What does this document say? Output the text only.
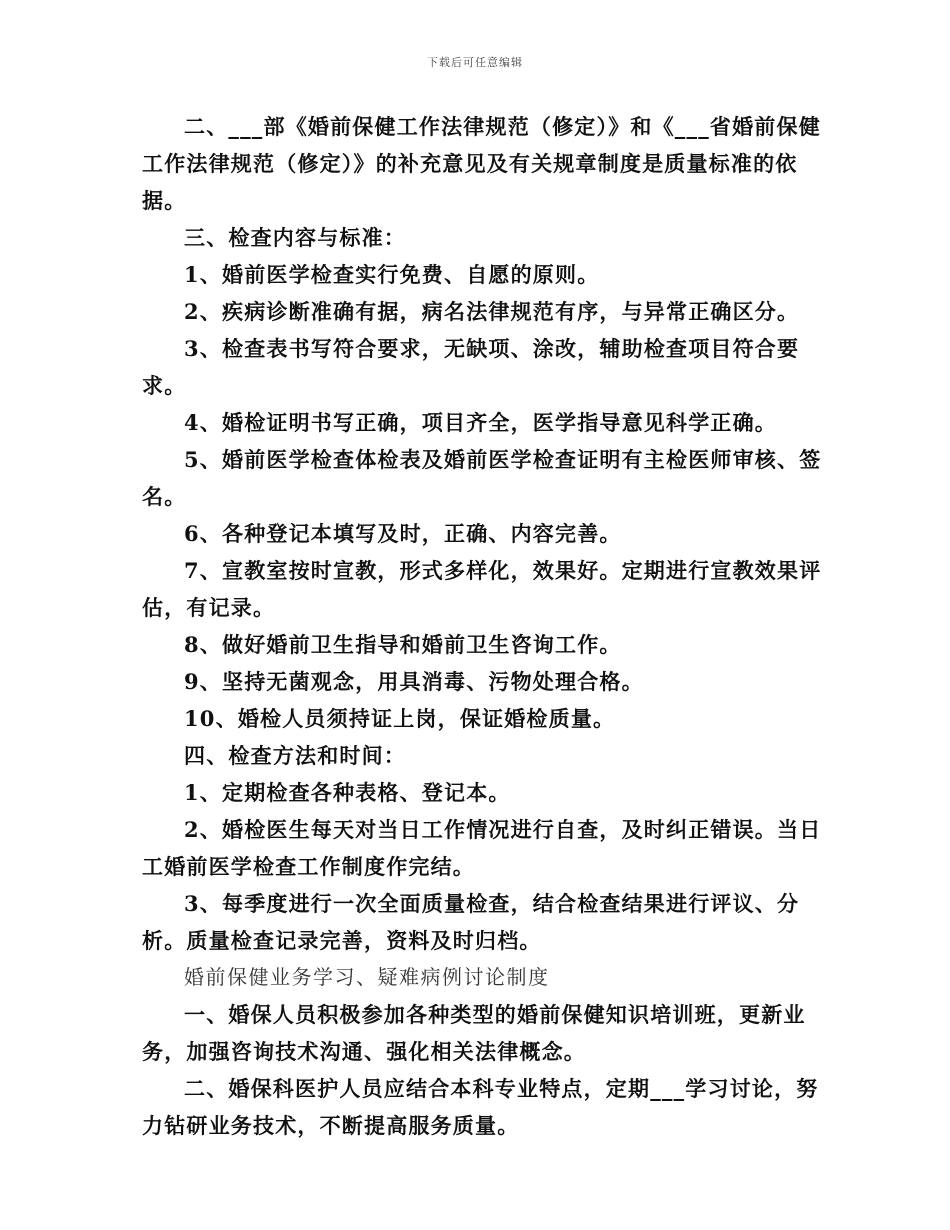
下载后可任意编辑

二、___部《婚前保健工作法律规范（修定）》和《___省婚前保健工作法律规范（修定）》的补充意见及有关规章制度是质量标准的依据。

三、检查内容与标准：

1、婚前医学检查实行免费、自愿的原则。

2、疾病诊断准确有据，病名法律规范有序，与异常正确区分。

3、检查表书写符合要求，无缺项、涂改，辅助检查项目符合要求。

4、婚检证明书写正确，项目齐全，医学指导意见科学正确。

5、婚前医学检查体检表及婚前医学检查证明有主检医师审核、签名。

6、各种登记本填写及时，正确、内容完善。

7、宣教室按时宣教，形式多样化，效果好。定期进行宣教效果评估，有记录。

8、做好婚前卫生指导和婚前卫生咨询工作。

9、坚持无菌观念，用具消毒、污物处理合格。

10、婚检人员须持证上岗，保证婚检质量。

四、检查方法和时间：

1、定期检查各种表格、登记本。

2、婚检医生每天对当日工作情况进行自查，及时纠正错误。当日工婚前医学检查工作制度作完结。

3、每季度进行一次全面质量检查，结合检查结果进行评议、分析。质量检查记录完善，资料及时归档。

婚前保健业务学习、疑难病例讨论制度

一、婚保人员积极参加各种类型的婚前保健知识培训班，更新业务，加强咨询技术沟通、强化相关法律概念。

二、婚保科医护人员应结合本科专业特点，定期___学习讨论，努力钻研业务技术，不断提高服务质量。
